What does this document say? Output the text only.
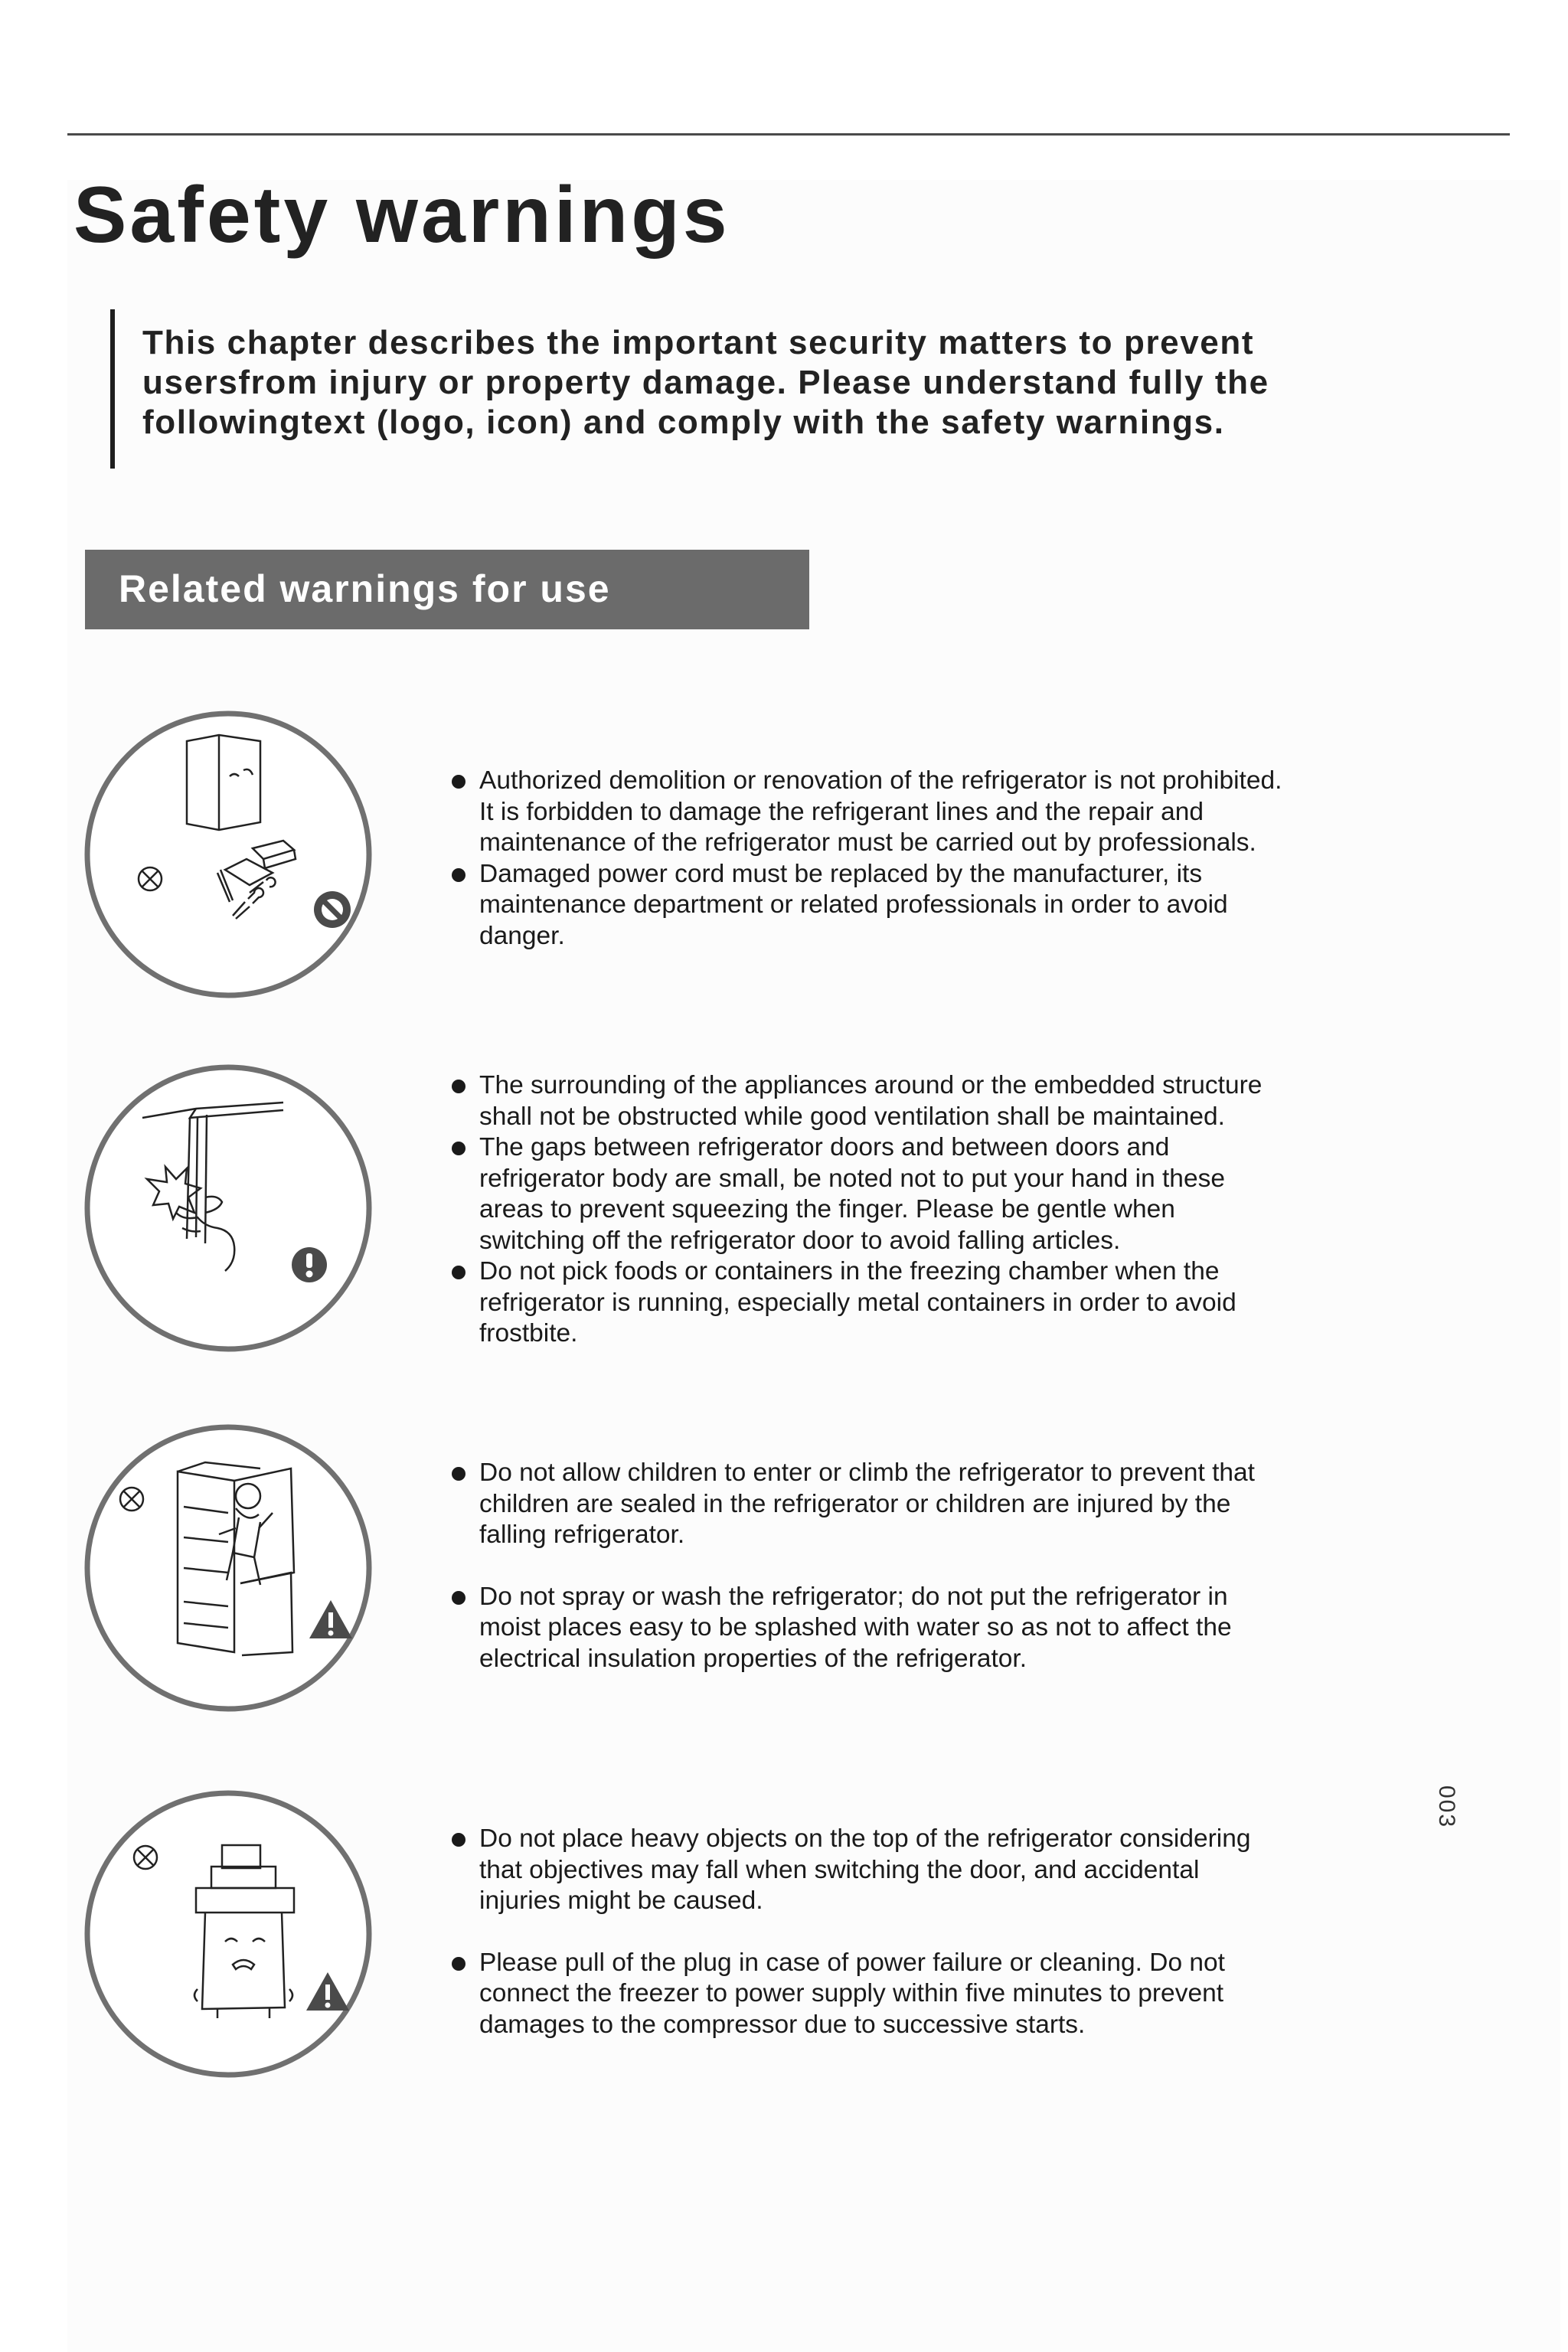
Safety warnings

This chapter describes the important security matters to prevent usersfrom injury or property damage. Please understand fully the followingtext (logo, icon) and comply with the safety warnings.

Related warnings for use
Authorized demolition or renovation of the refrigerator is not prohibited.
It is forbidden to damage the refrigerant lines and the repair and
maintenance of the refrigerator must be carried out by professionals.
Damaged power cord must be replaced by the manufacturer, its
maintenance department or related professionals in order to avoid
danger.
The surrounding of the appliances around or the embedded structure
shall not be obstructed while good ventilation shall be maintained.
The gaps between refrigerator doors and between doors and
refrigerator body are small, be noted not to put your hand in these
areas to prevent squeezing the finger. Please be gentle when
switching off the refrigerator door to avoid falling articles.
Do not pick foods or containers in the freezing chamber when the
refrigerator is running, especially metal containers in order to avoid
frostbite.
Do not allow children to enter or climb the refrigerator to prevent that
children are sealed in the refrigerator or children are injured by the
falling refrigerator.
Do not spray or wash the refrigerator; do not put the refrigerator in
moist places easy to be splashed with water so as not to affect the
electrical insulation properties of the refrigerator.
Do not place heavy objects on the top of the refrigerator considering
that objectives may fall when switching the door, and accidental
injuries might be caused.
Please pull of the plug in case of power failure or cleaning. Do not
connect the freezer to power supply within five minutes to prevent
damages to the compressor due to successive starts.
003
